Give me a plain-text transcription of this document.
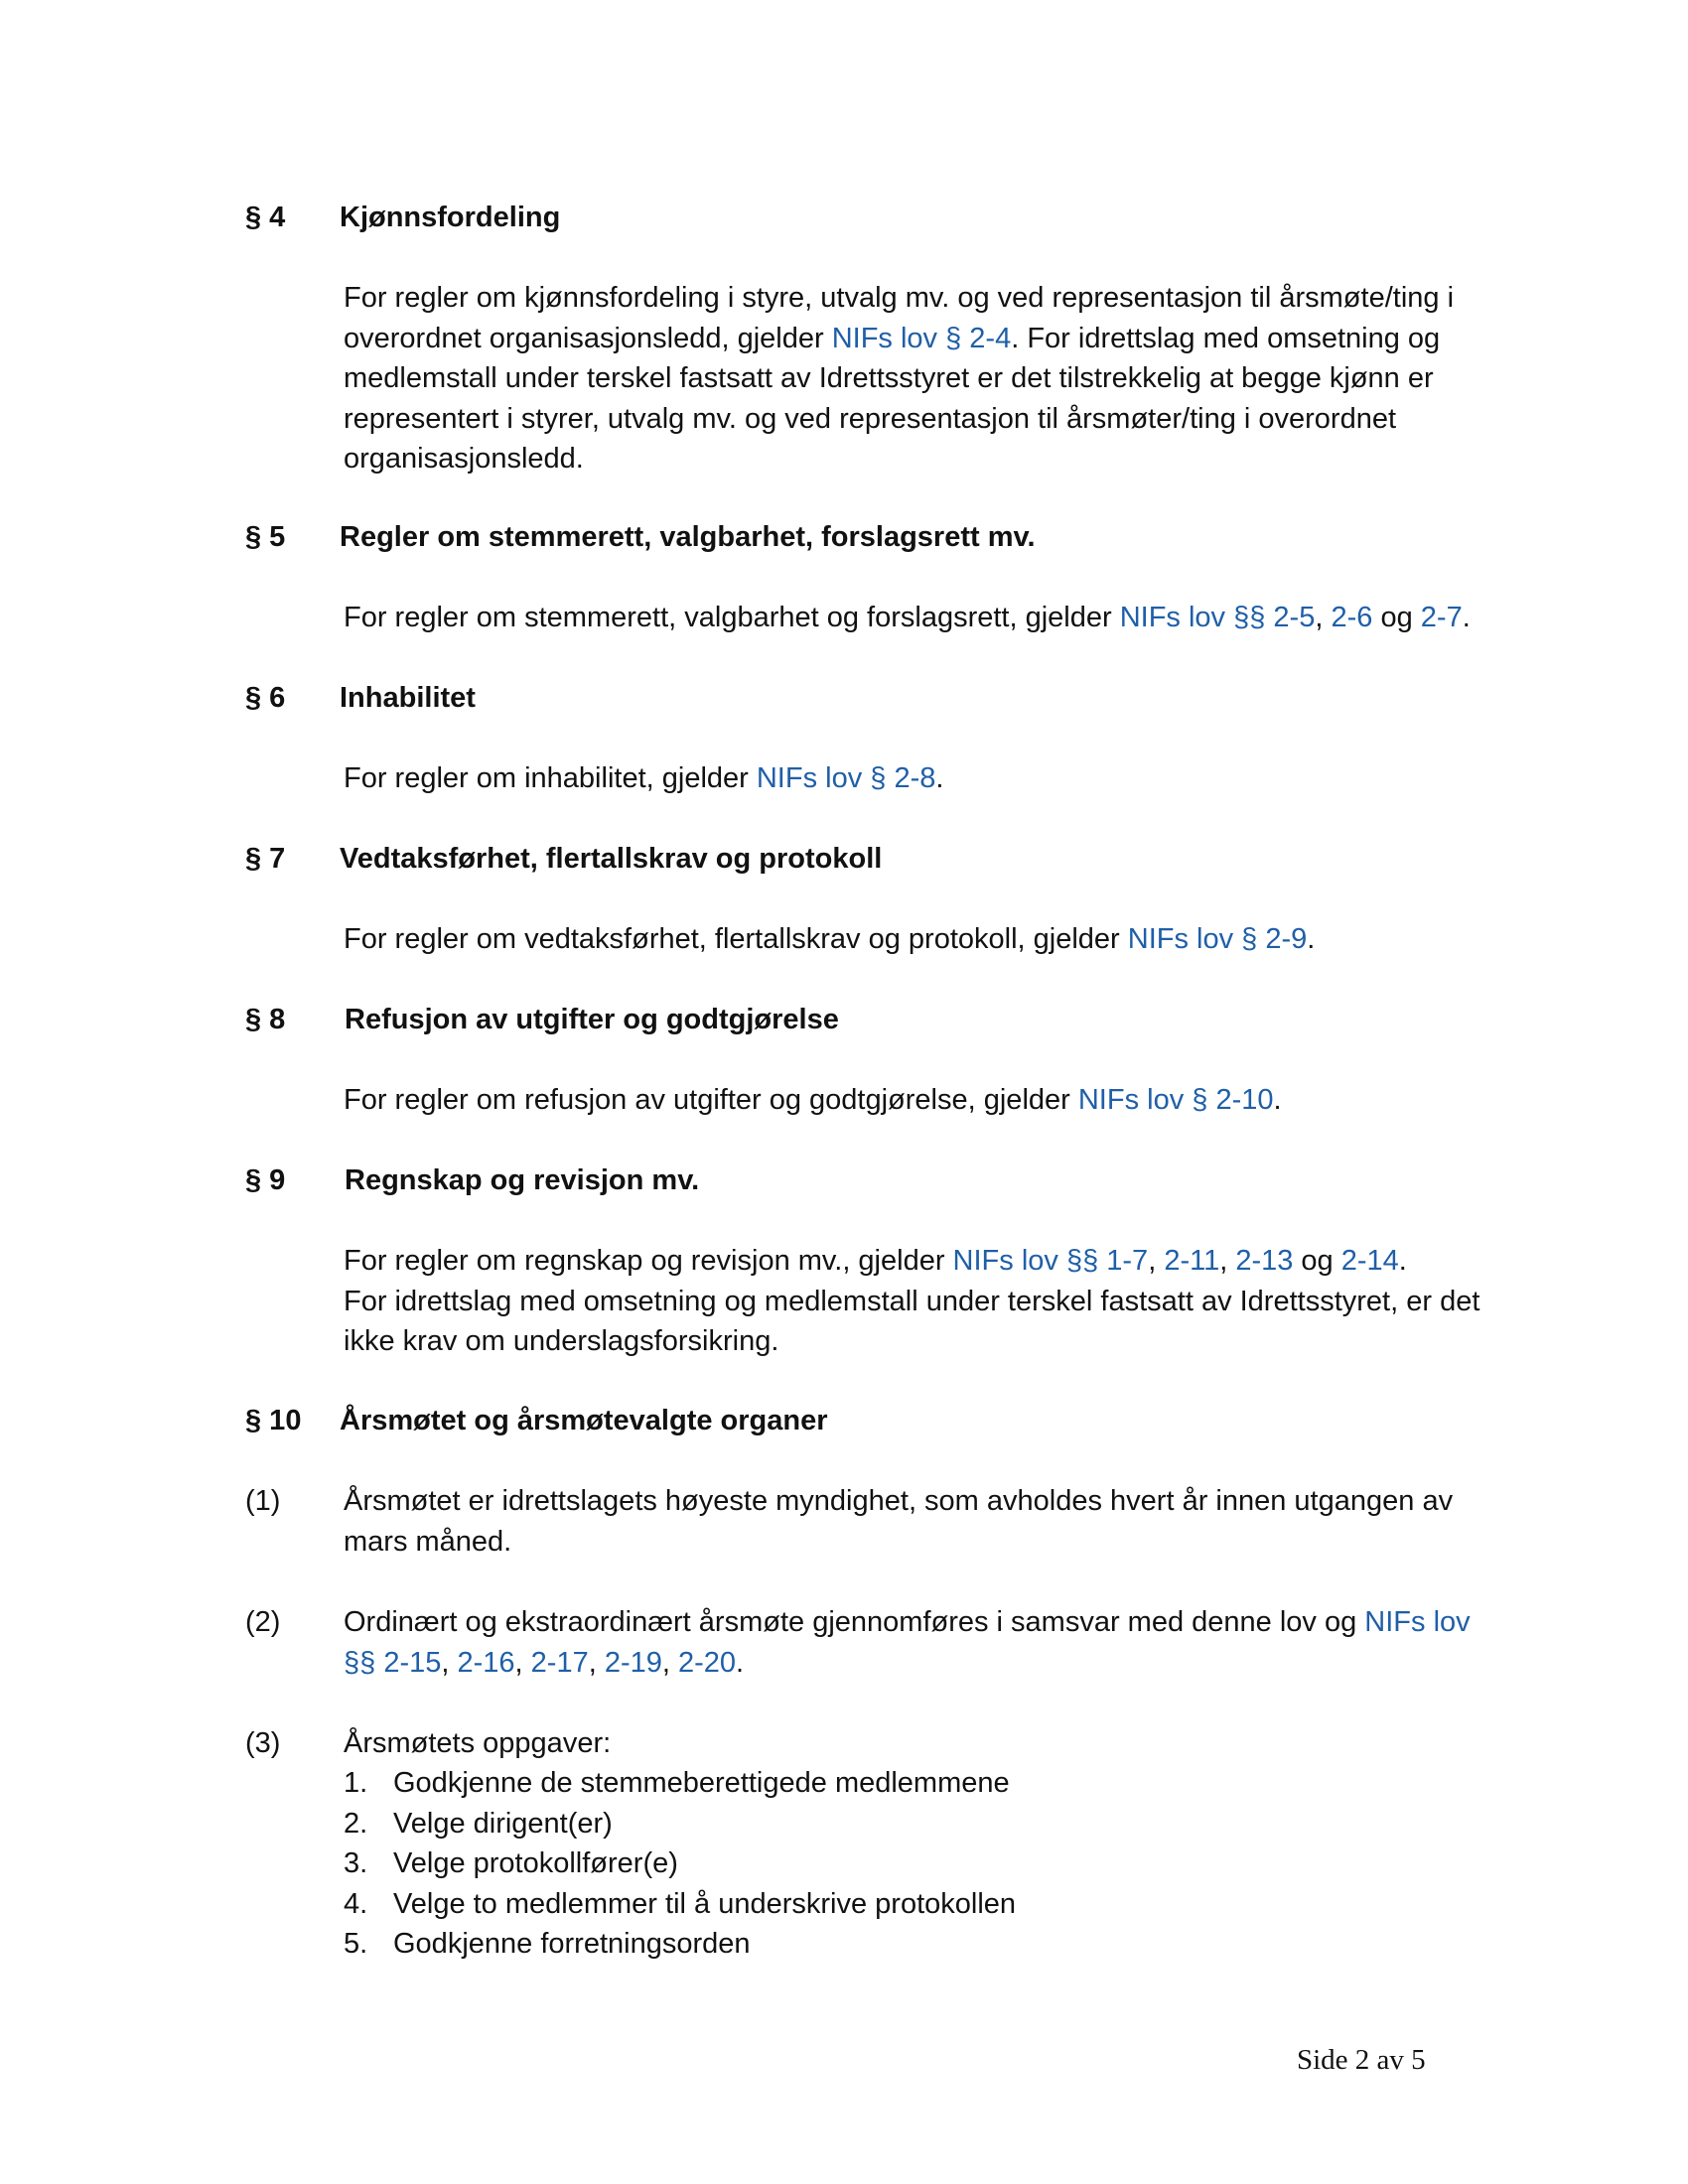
§ 4 Kjønnsfordeling
For regler om kjønnsfordeling i styre, utvalg mv. og ved representasjon til årsmøte/ting i
overordnet organisasjonsledd, gjelder NIFs lov § 2-4. For idrettslag med omsetning og
medlemstall under terskel fastsatt av Idrettsstyret er det tilstrekkelig at begge kjønn er
representert i styrer, utvalg mv. og ved representasjon til årsmøter/ting i overordnet
organisasjonsledd.
§ 5 Regler om stemmerett, valgbarhet, forslagsrett mv.
For regler om stemmerett, valgbarhet og forslagsrett, gjelder NIFs lov §§ 2-5, 2-6 og 2-7.
§ 6 Inhabilitet
For regler om inhabilitet, gjelder NIFs lov § 2-8.
§ 7 Vedtaksførhet, flertallskrav og protokoll
For regler om vedtaksførhet, flertallskrav og protokoll, gjelder NIFs lov § 2-9.
§ 8 Refusjon av utgifter og godtgjørelse
For regler om refusjon av utgifter og godtgjørelse, gjelder NIFs lov § 2-10.
§ 9 Regnskap og revisjon mv.
For regler om regnskap og revisjon mv., gjelder NIFs lov §§ 1-7, 2-11, 2-13 og 2-14.
For idrettslag med omsetning og medlemstall under terskel fastsatt av Idrettsstyret, er det
ikke krav om underslagsforsikring.
§ 10 Årsmøtet og årsmøtevalgte organer
(1) Årsmøtet er idrettslagets høyeste myndighet, som avholdes hvert år innen utgangen av
mars måned.
(2) Ordinært og ekstraordinært årsmøte gjennomføres i samsvar med denne lov og NIFs lov
§§ 2-15, 2-16, 2-17, 2-19, 2-20.
(3) Årsmøtets oppgaver:
1. Godkjenne de stemmeberettigede medlemmene
2. Velge dirigent(er)
3. Velge protokollfører(e)
4. Velge to medlemmer til å underskrive protokollen
5. Godkjenne forretningsorden
Side 2 av 5
